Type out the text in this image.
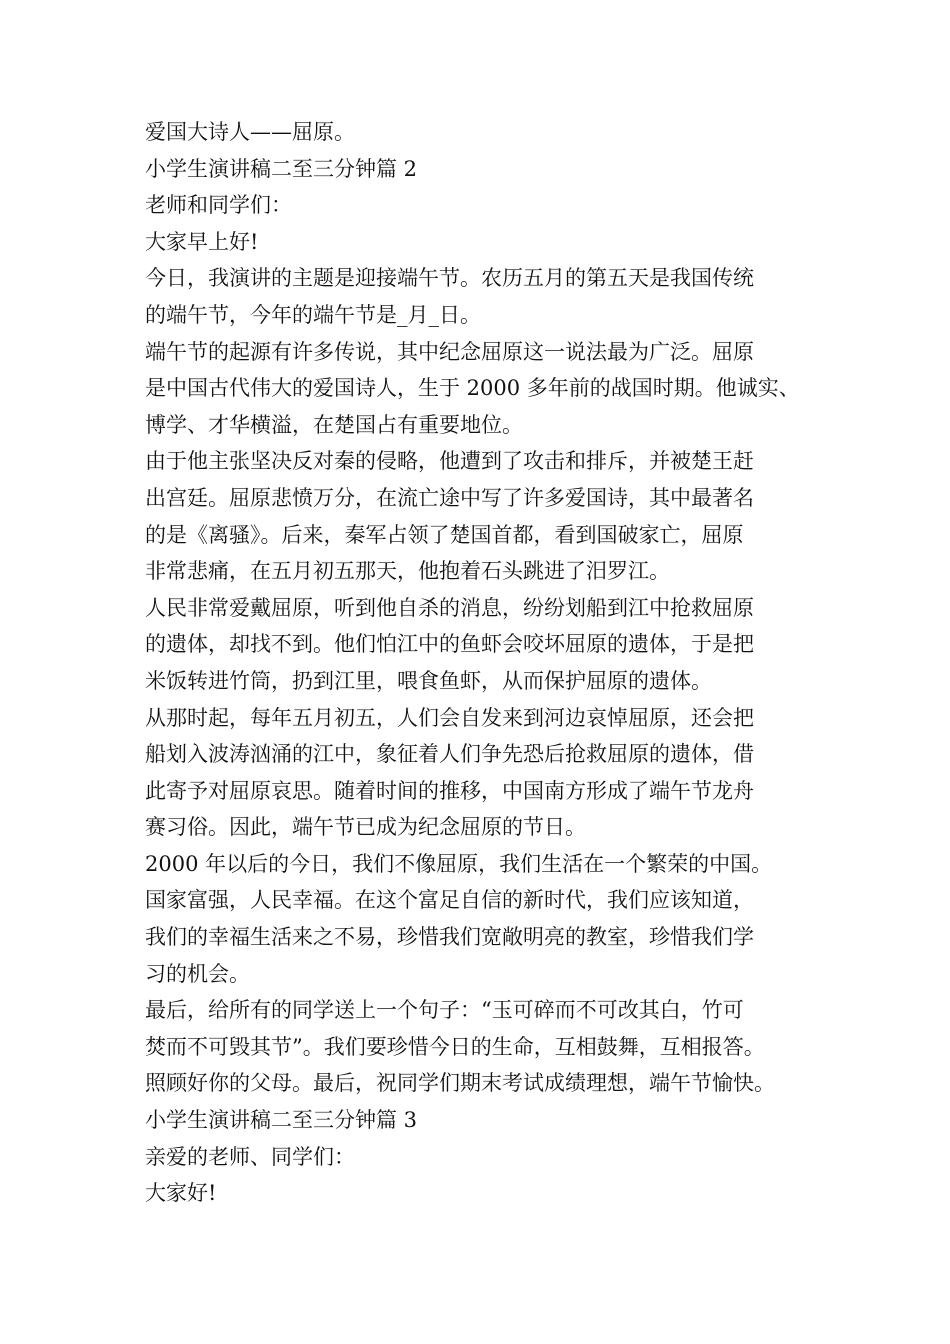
爱国大诗人——屈原。
小学生演讲稿二至三分钟篇 2
老师和同学们：
大家早上好!
今日，我演讲的主题是迎接端午节。农历五月的第五天是我国传统
的端午节，今年的端午节是_月_日。
端午节的起源有许多传说，其中纪念屈原这一说法最为广泛。屈原
是中国古代伟大的爱国诗人，生于 2000 多年前的战国时期。他诚实、
博学、才华横溢，在楚国占有重要地位。
由于他主张坚决反对秦的侵略，他遭到了攻击和排斥，并被楚王赶
出宫廷。屈原悲愤万分，在流亡途中写了许多爱国诗，其中最著名
的是《离骚》。后来，秦军占领了楚国首都，看到国破家亡，屈原
非常悲痛，在五月初五那天，他抱着石头跳进了汨罗江。
人民非常爱戴屈原，听到他自杀的消息，纷纷划船到江中抢救屈原
的遗体，却找不到。他们怕江中的鱼虾会咬坏屈原的遗体，于是把
米饭转进竹筒，扔到江里，喂食鱼虾，从而保护屈原的遗体。
从那时起，每年五月初五，人们会自发来到河边哀悼屈原，还会把
船划入波涛汹涌的江中，象征着人们争先恐后抢救屈原的遗体，借
此寄予对屈原哀思。随着时间的推移，中国南方形成了端午节龙舟
赛习俗。因此，端午节已成为纪念屈原的节日。
2000 年以后的今日，我们不像屈原，我们生活在一个繁荣的中国。
国家富强，人民幸福。在这个富足自信的新时代，我们应该知道，
我们的幸福生活来之不易，珍惜我们宽敞明亮的教室，珍惜我们学
习的机会。
最后，给所有的同学送上一个句子：“玉可碎而不可改其白，竹可
焚而不可毁其节”。我们要珍惜今日的生命，互相鼓舞，互相报答。
照顾好你的父母。最后，祝同学们期末考试成绩理想，端午节愉快。
小学生演讲稿二至三分钟篇 3
亲爱的老师、同学们：
大家好!
